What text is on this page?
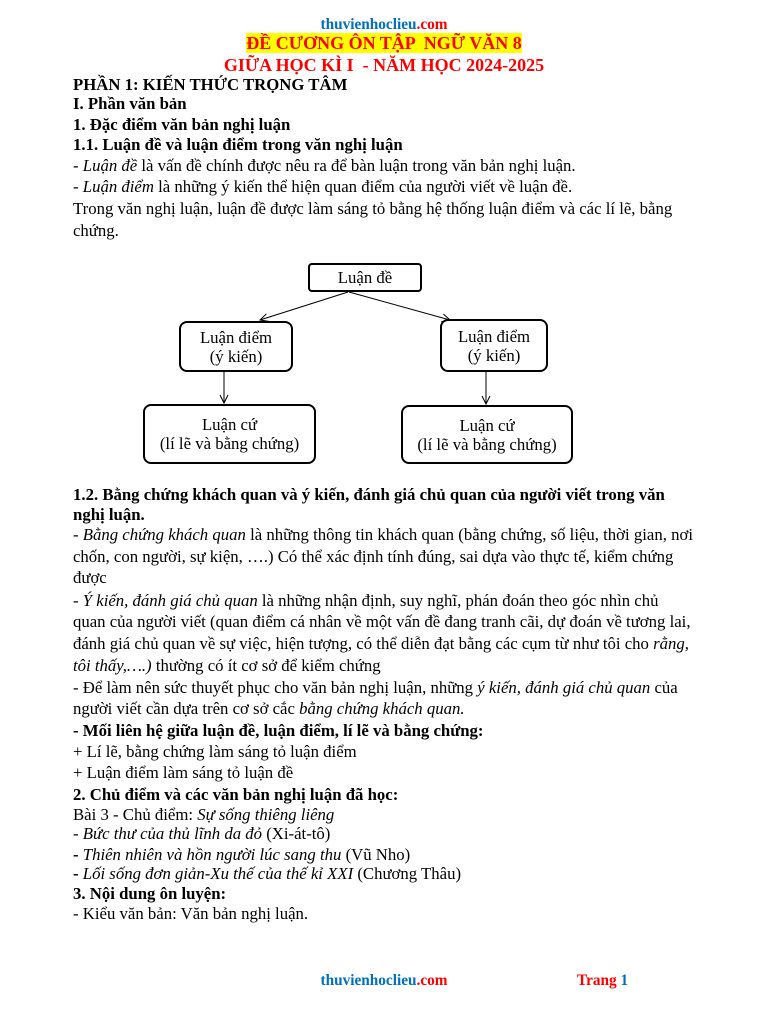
thuvienhoclieu.com
ĐỀ CƯƠNG ÔN TẬP  NGỮ VĂN 8
GIỮA HỌC KÌ I  - NĂM HỌC 2024-2025
PHẦN 1: KIẾN THỨC TRỌNG TÂM
I. Phần văn bản
1. Đặc điểm văn bản nghị luận
1.1. Luận đề và luận điểm trong văn nghị luận
- Luận đề là vấn đề chính được nêu ra để bàn luận trong văn bản nghị luận.
- Luận điểm là những ý kiến thể hiện quan điểm của người viết về luận đề.
Trong văn nghị luận, luận đề được làm sáng tỏ bằng hệ thống luận điểm và các lí lẽ, bằng
chứng.
Luận đề
Luận điểm
(ý kiến)
Luận điểm
(ý kiến)
Luận cứ
(lí lẽ và bằng chứng)
Luận cứ
(lí lẽ và bằng chứng)
1.2. Bằng chứng khách quan và ý kiến, đánh giá chủ quan của người viết trong văn
nghị luận.
- Bằng chứng khách quan là những thông tin khách quan (bằng chứng, số liệu, thời gian, nơi
chốn, con người, sự kiện, ….) Có thể xác định tính đúng, sai dựa vào thực tế, kiểm chứng
được
- Ý kiến, đánh giá chủ quan là những nhận định, suy nghĩ, phán đoán theo góc nhìn chủ
quan của người viết (quan điểm cá nhân về một vấn đề đang tranh cãi, dự đoán về tương lai,
đánh giá chủ quan về sự việc, hiện tượng, có thể diễn đạt bằng các cụm từ như tôi cho rằng,
tôi thấy,….) thường có ít cơ sở để kiểm chứng
- Để làm nên sức thuyết phục cho văn bản nghị luận, những ý kiến, đánh giá chủ quan của
người viết cần dựa trên cơ sở cắc bằng chứng khách quan.
- Mối liên hệ giữa luận đề, luận điểm, lí lẽ và bằng chứng:
+ Lí lẽ, bằng chứng làm sáng tỏ luận điểm
+ Luận điểm làm sáng tỏ luận đề
2. Chủ điểm và các văn bản nghị luận đã học:
Bài 3 - Chủ điểm: Sự sống thiêng liêng
- Bức thư của thủ lĩnh da đỏ (Xi-át-tô)
- Thiên nhiên và hồn người lúc sang thu (Vũ Nho)
- Lối sống đơn giản-Xu thế của thế kỉ XXI (Chương Thâu)
3. Nội dung ôn luyện:
- Kiểu văn bản: Văn bản nghị luận.
thuvienhoclieu.com	Trang 1
